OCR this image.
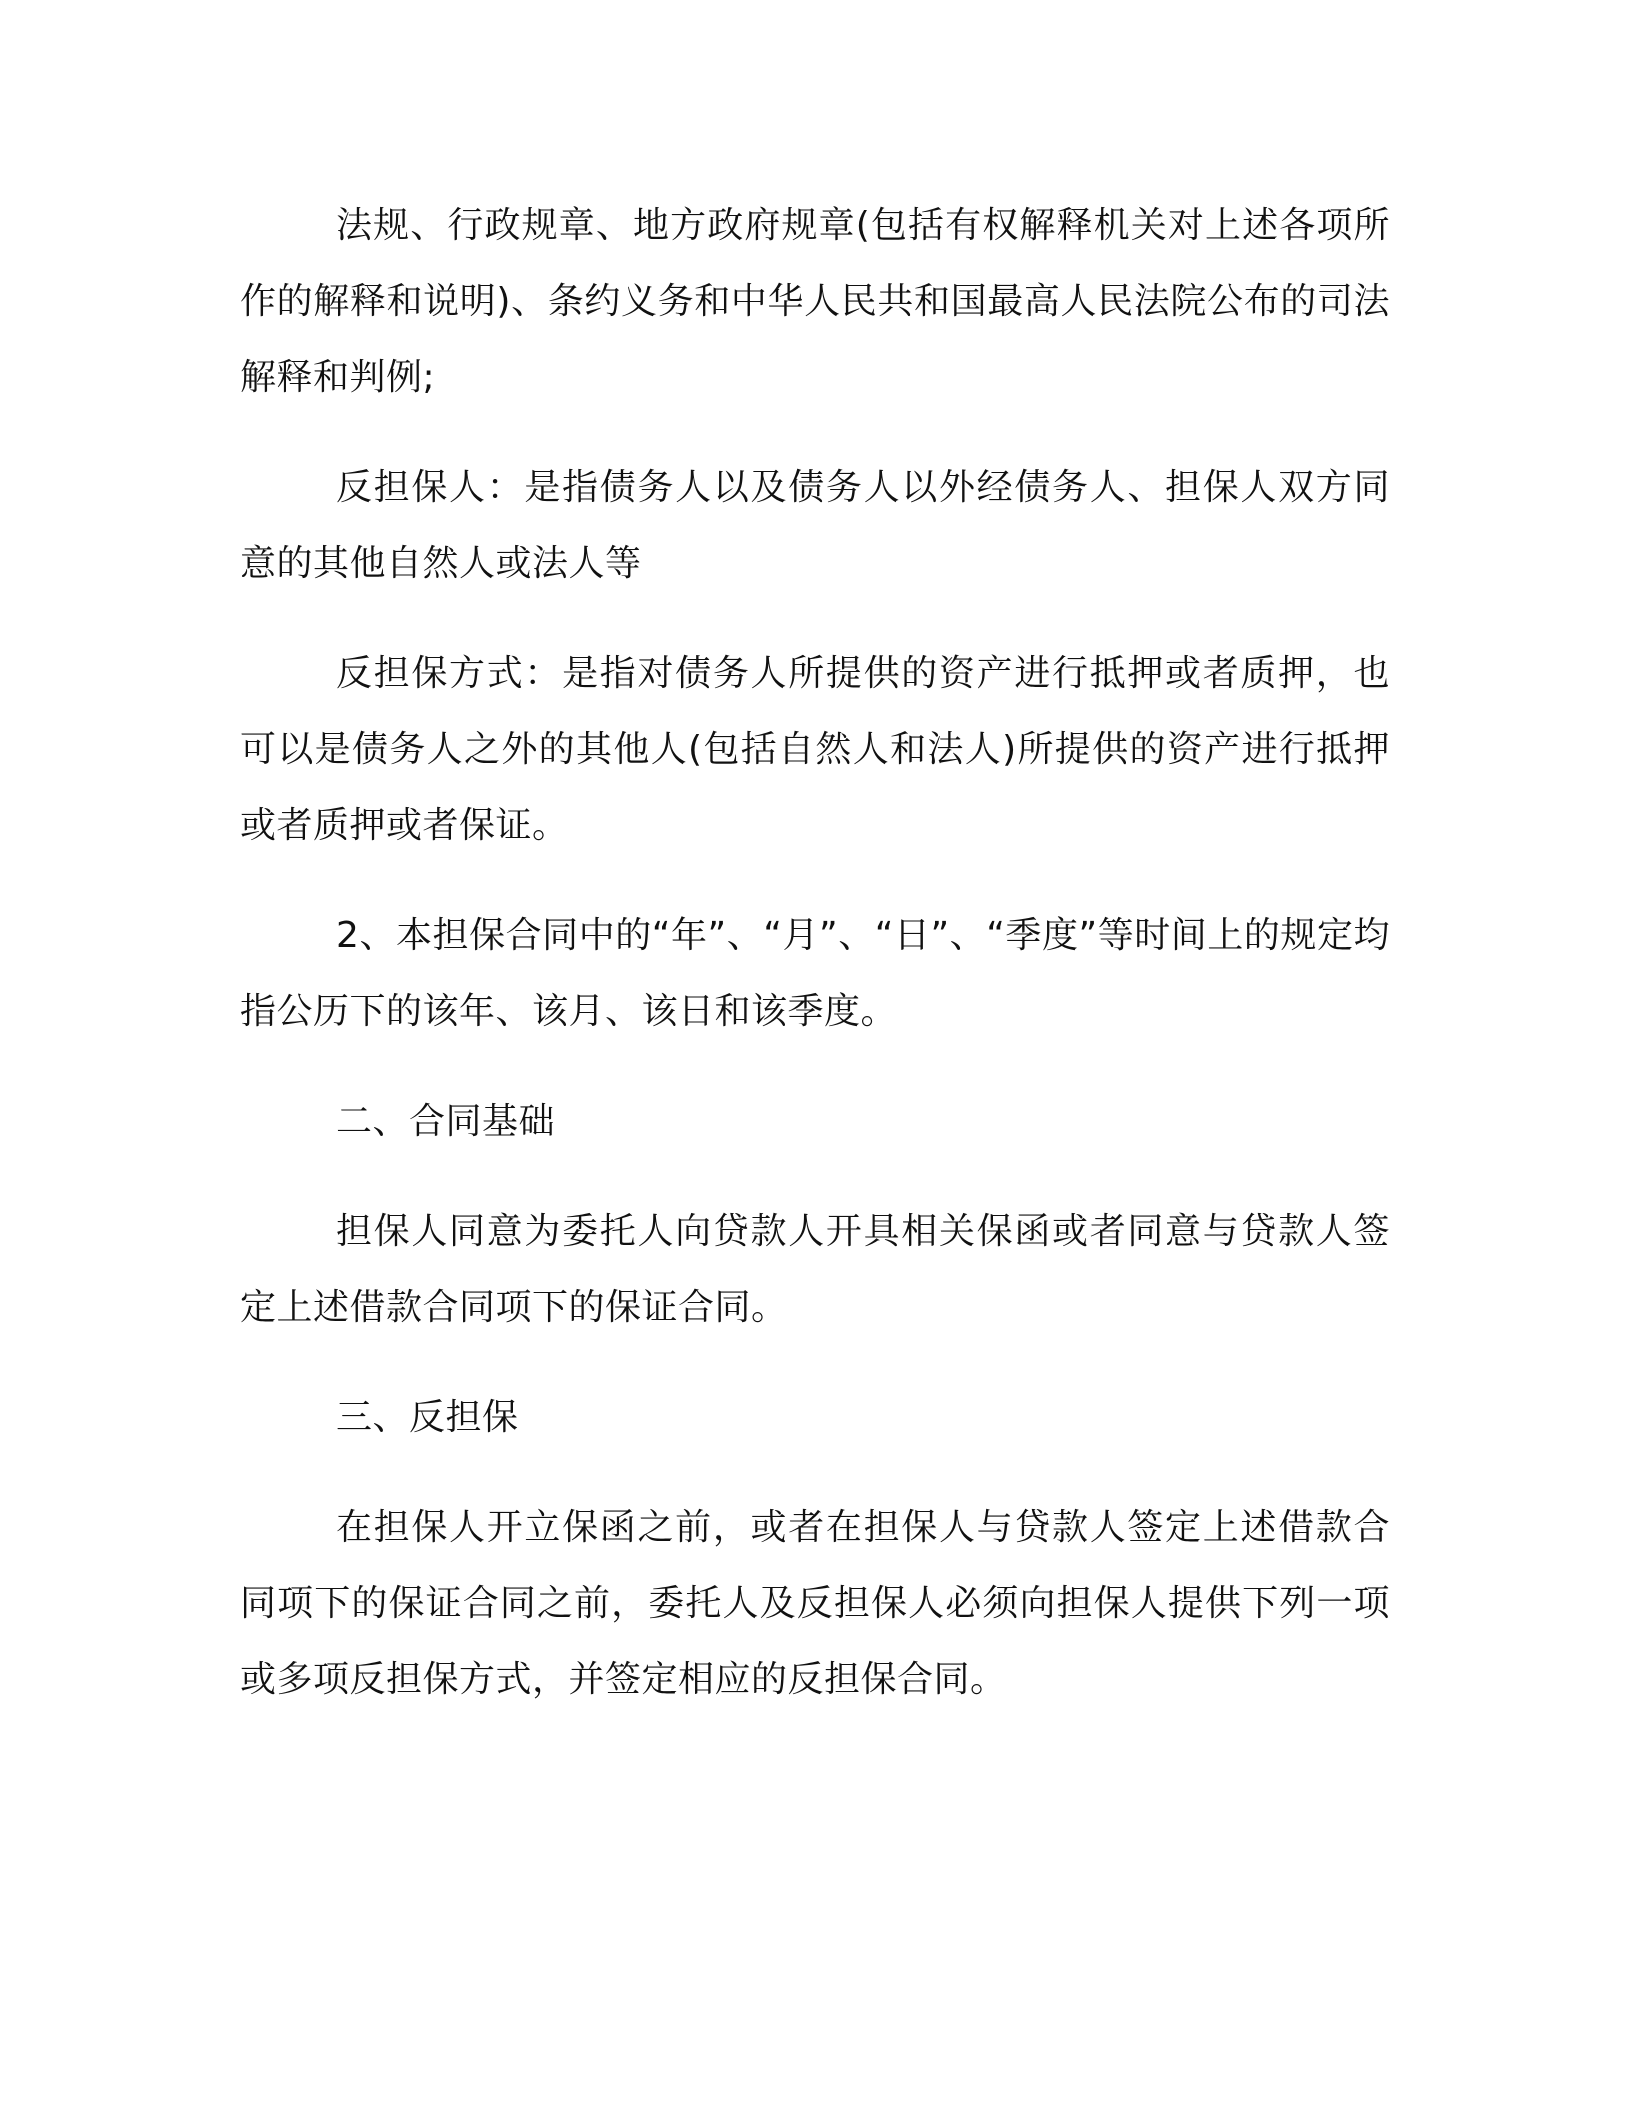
法规、行政规章、地方政府规章(包括有权解释机关对上述各项所作的解释和说明)、条约义务和中华人民共和国最高人民法院公布的司法解释和判例;

反担保人：是指债务人以及债务人以外经债务人、担保人双方同意的其他自然人或法人等

反担保方式：是指对债务人所提供的资产进行抵押或者质押，也可以是债务人之外的其他人(包括自然人和法人)所提供的资产进行抵押或者质押或者保证。

2、本担保合同中的“年”、“月”、“日”、“季度”等时间上的规定均指公历下的该年、该月、该日和该季度。

二、合同基础

担保人同意为委托人向贷款人开具相关保函或者同意与贷款人签定上述借款合同项下的保证合同。

三、反担保

在担保人开立保函之前，或者在担保人与贷款人签定上述借款合同项下的保证合同之前，委托人及反担保人必须向担保人提供下列一项或多项反担保方式，并签定相应的反担保合同。
